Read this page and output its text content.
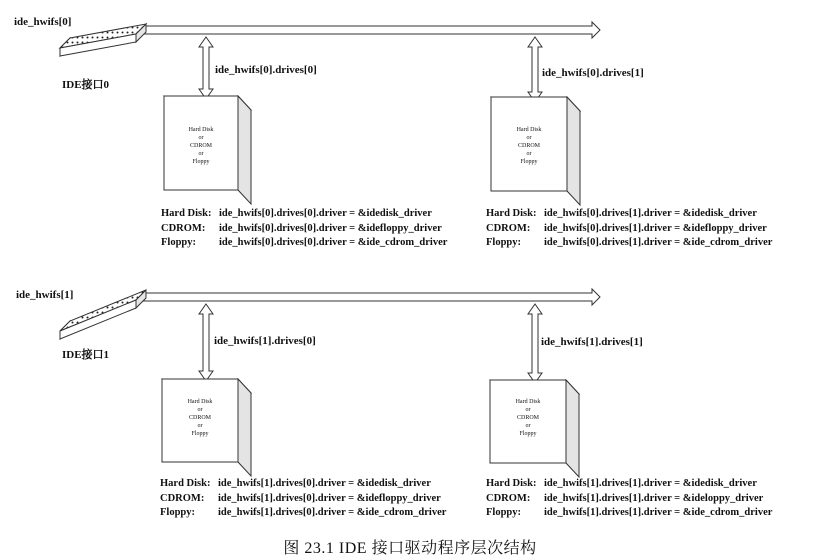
ide_hwifs[0]
IDE接口0
ide_hwifs[0].drives[0]	ide_hwifs[0].drives[1]
Hard Disk
or
CDROM
or
Floppy
Hard Disk
or
CDROM
or
Floppy
Hard Disk: ide_hwifs[0].drives[0].driver = &idedisk_driver
CDROM: ide_hwifs[0].drives[0].driver = &idefloppy_driver
Floppy: ide_hwifs[0].drives[0].driver = &ide_cdrom_driver
Hard Disk: ide_hwifs[0].drives[1].driver = &idedisk_driver
CDROM: ide_hwifs[0].drives[1].driver = &idefloppy_driver
Floppy: ide_hwifs[0].drives[1].driver = &ide_cdrom_driver
ide_hwifs[1]
IDE接口1
ide_hwifs[1].drives[0]	ide_hwifs[1].drives[1]
Hard Disk
or
CDROM
or
Floppy
Hard Disk
or
CDROM
or
Floppy
Hard Disk: ide_hwifs[1].drives[0].driver = &idedisk_driver
CDROM: ide_hwifs[1].drives[0].driver = &idefloppy_driver
Floppy: ide_hwifs[1].drives[0].driver = &ide_cdrom_driver
Hard Disk: ide_hwifs[1].drives[1].driver = &idedisk_driver
CDROM: ide_hwifs[1].drives[1].driver = &ideloppy_driver
Floppy: ide_hwifs[1].drives[1].driver = &ide_cdrom_driver
图 23.1 IDE 接口驱动程序层次结构
